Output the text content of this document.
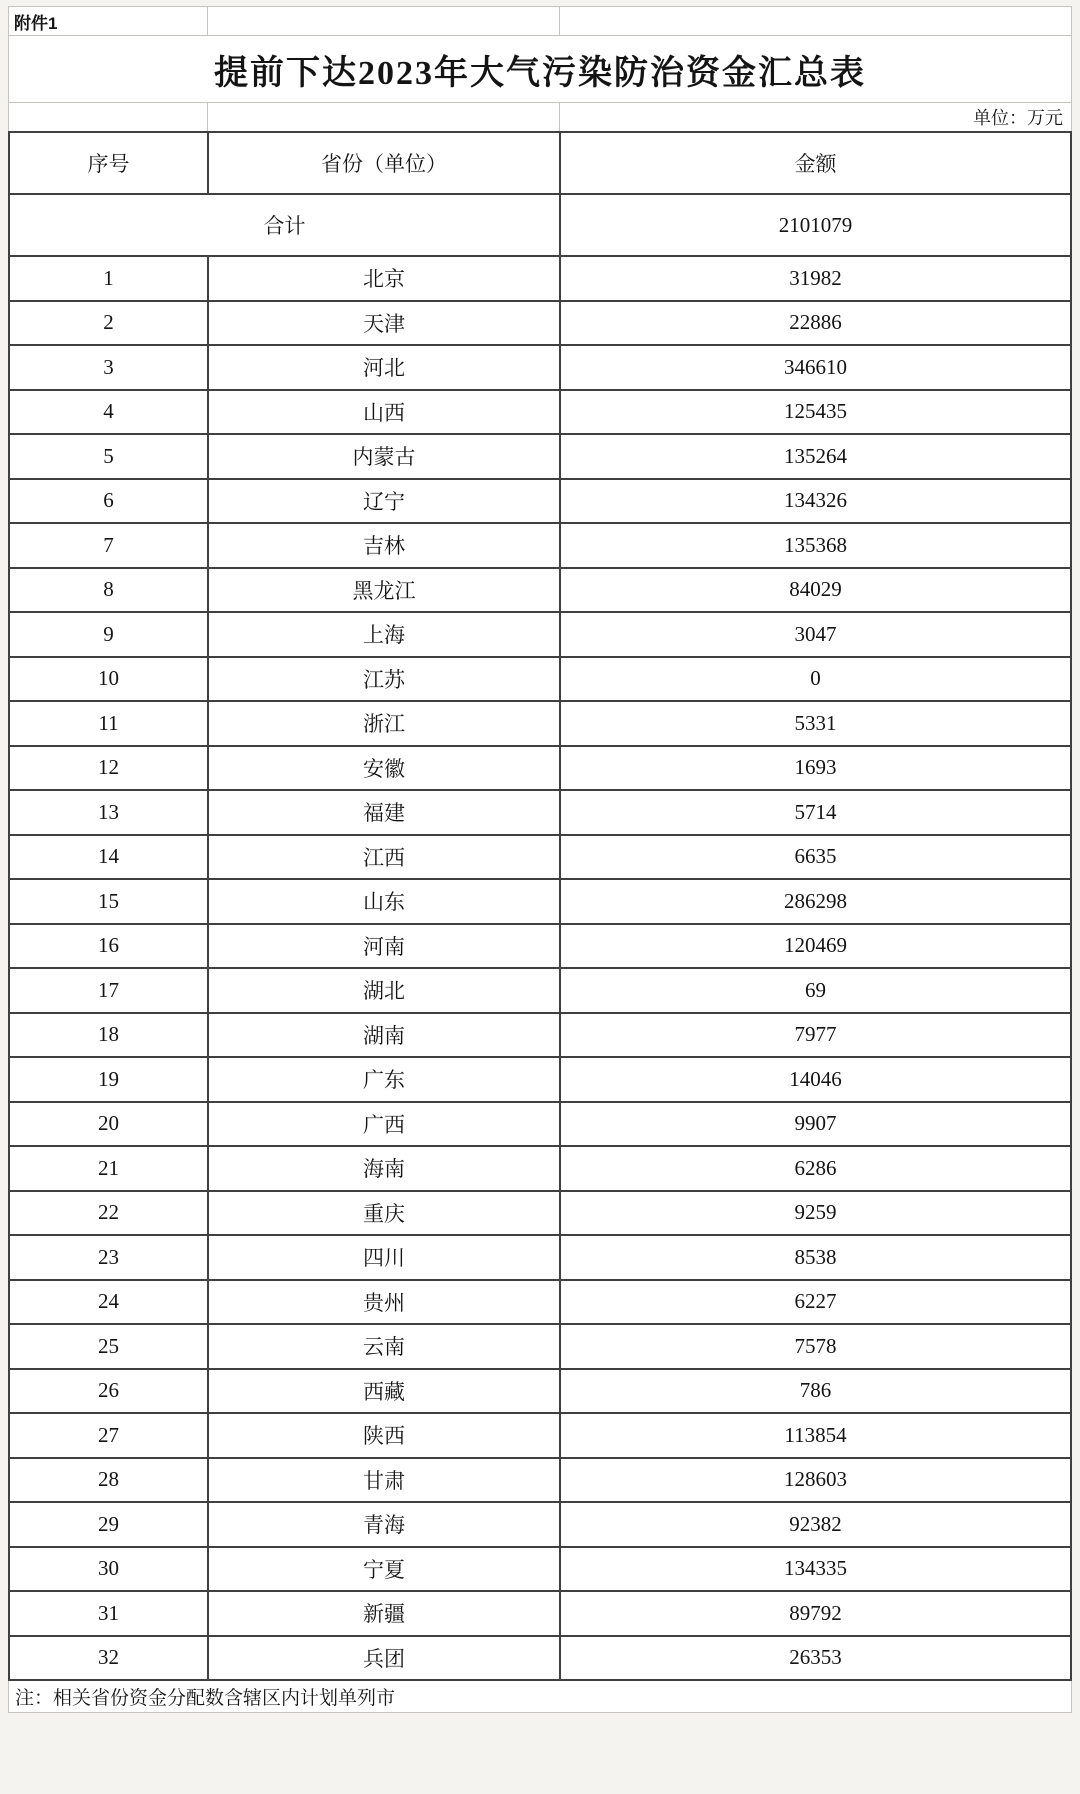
附件1
提前下达2023年大气污染防治资金汇总表
单位：万元
序号	省份（单位）	金额
合计		2101079
1	北京	31982
2	天津	22886
3	河北	346610
4	山西	125435
5	内蒙古	135264
6	辽宁	134326
7	吉林	135368
8	黑龙江	84029
9	上海	3047
10	江苏	0
11	浙江	5331
12	安徽	1693
13	福建	5714
14	江西	6635
15	山东	286298
16	河南	120469
17	湖北	69
18	湖南	7977
19	广东	14046
20	广西	9907
21	海南	6286
22	重庆	9259
23	四川	8538
24	贵州	6227
25	云南	7578
26	西藏	786
27	陕西	113854
28	甘肃	128603
29	青海	92382
30	宁夏	134335
31	新疆	89792
32	兵团	26353
注：相关省份资金分配数含辖区内计划单列市
